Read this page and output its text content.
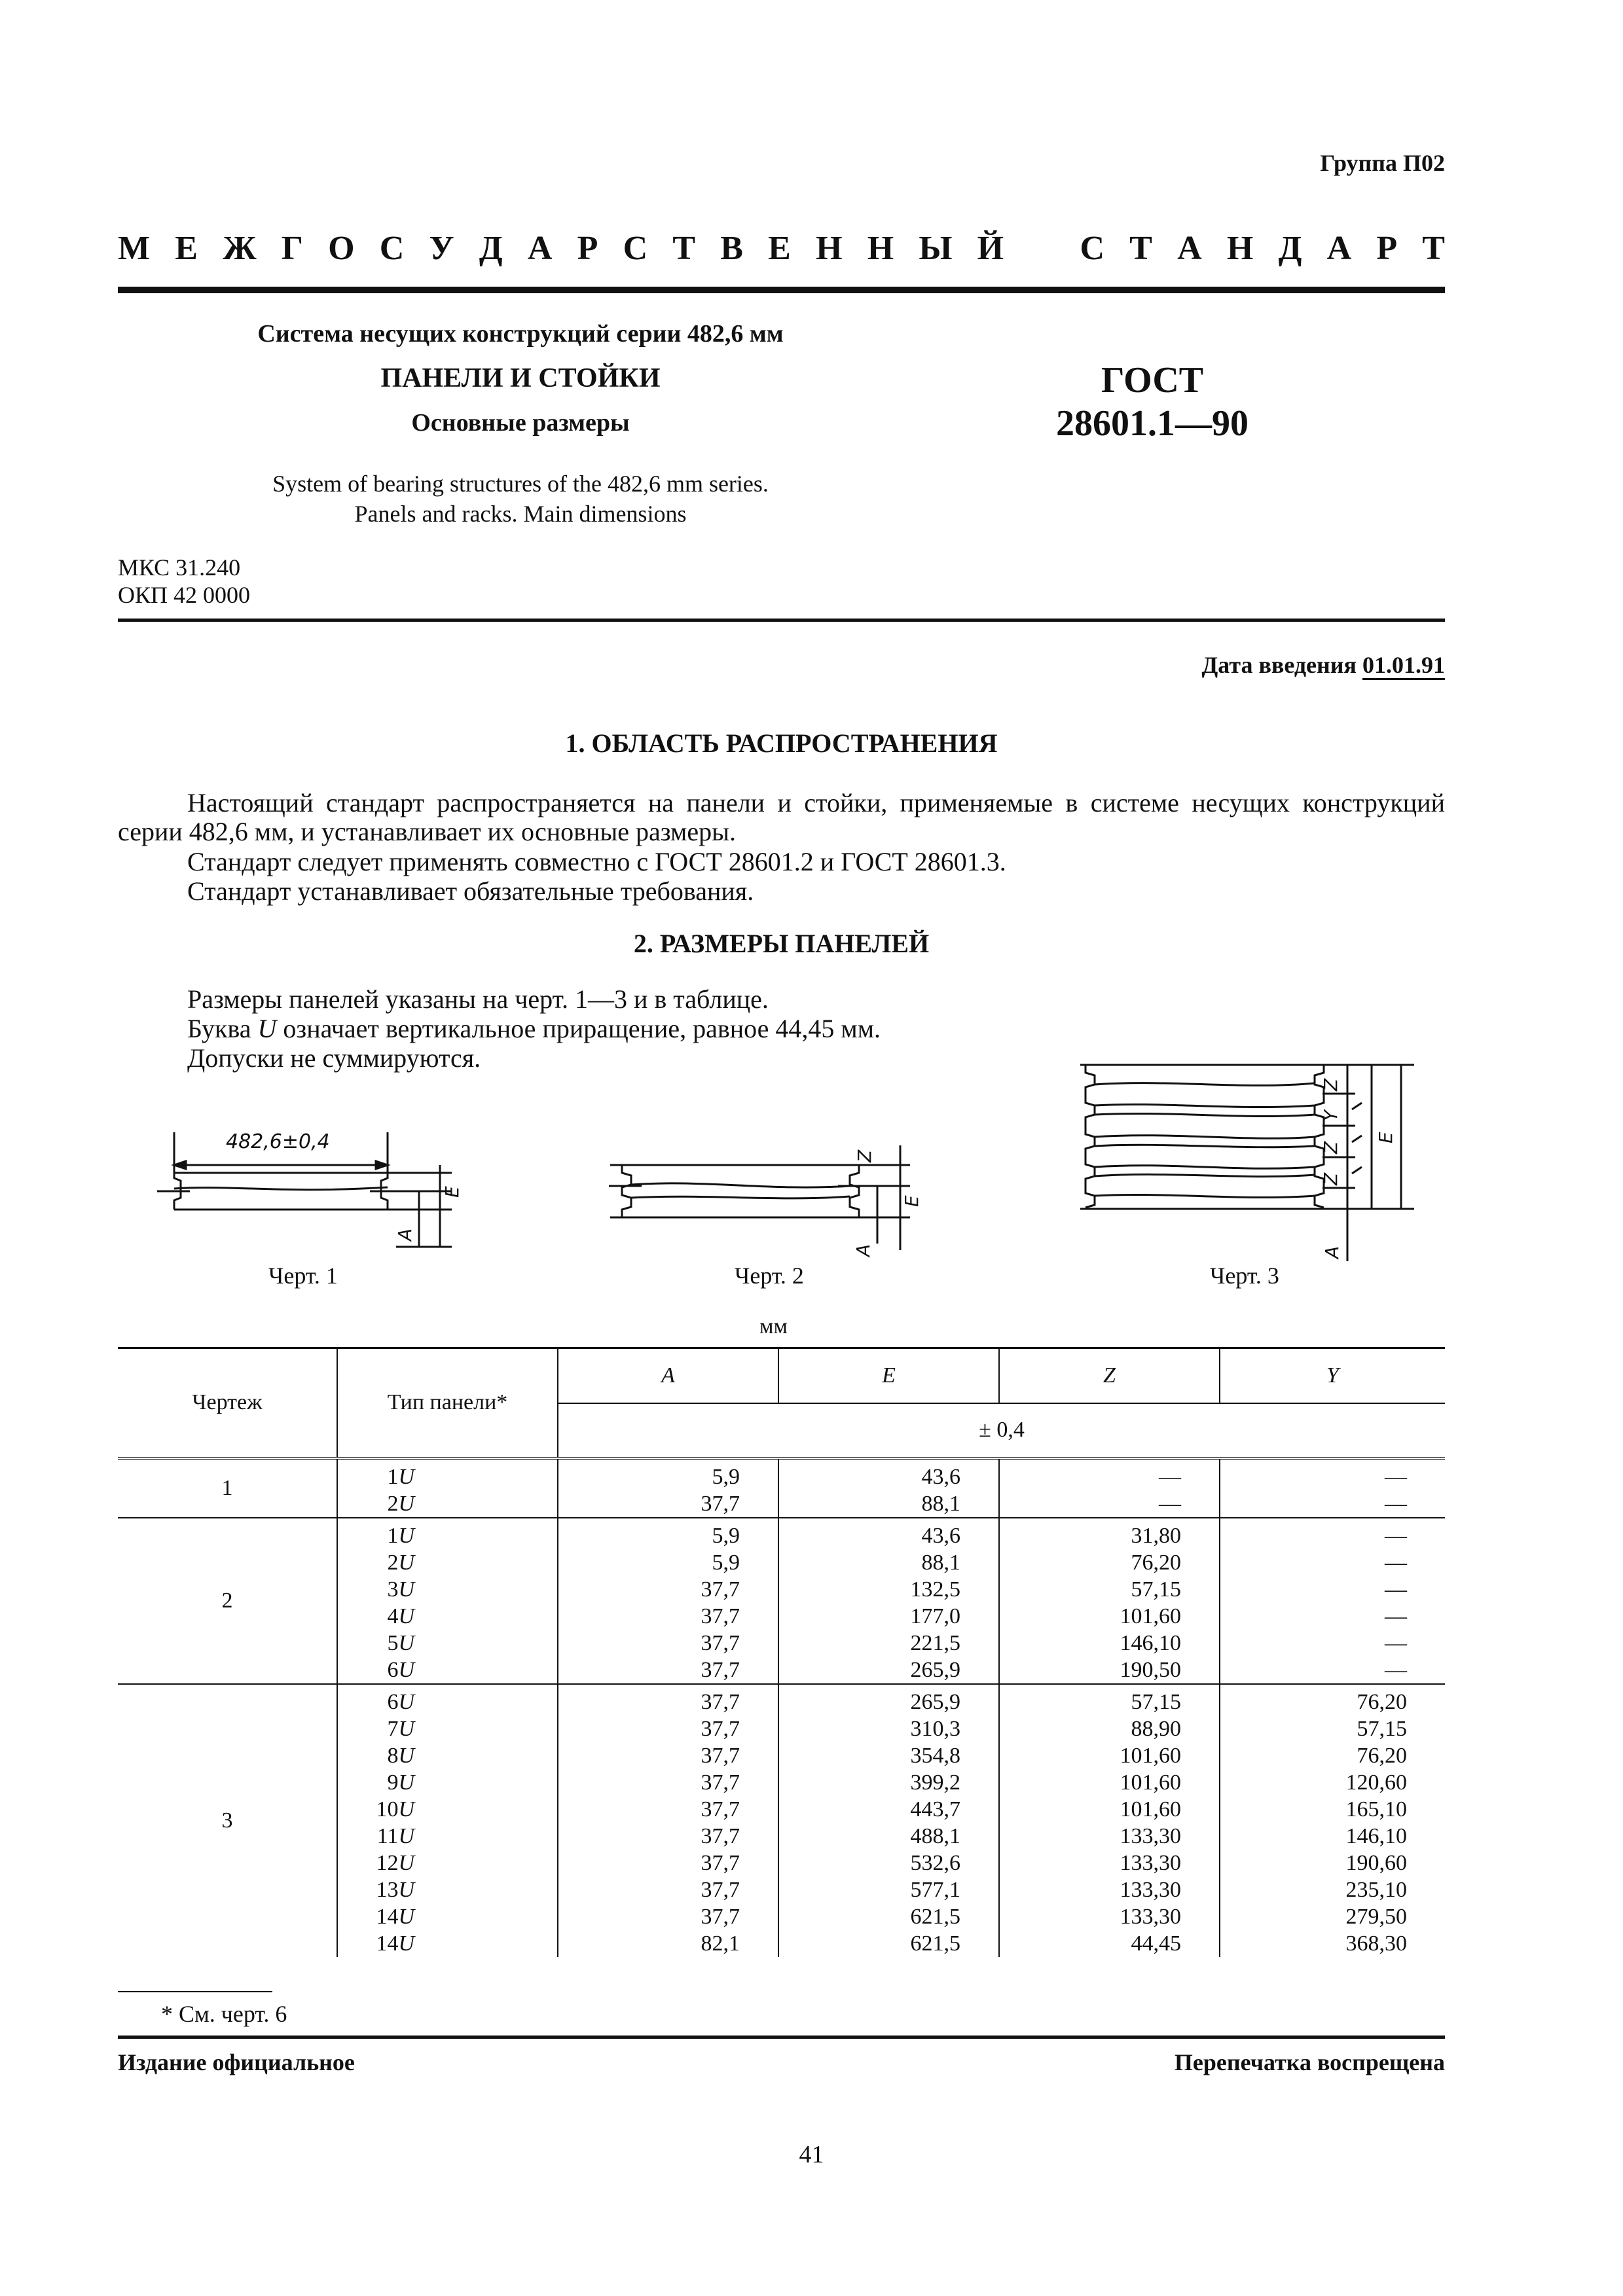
Группа П02
М Е Ж Г О С У Д А Р С Т В Е Н Н Ы Й С Т А Н Д А Р Т
Система несущих конструкций серии 482,6 мм
ПАНЕЛИ И СТОЙКИ
Основные размеры
System of bearing structures of the 482,6 mm series.
Panels and racks. Main dimensions
ГОСТ
28601.1—90
МКС 31.240
ОКП 42 0000
Дата введения 01.01.91
1. ОБЛАСТЬ РАСПРОСТРАНЕНИЯ
Настоящий стандарт распространяется на панели и стойки, применяемые в системе несущих конструкций серии 482,6 мм, и устанавливает их основные размеры.
Стандарт следует применять совместно с ГОСТ 28601.2 и ГОСТ 28601.3.
Стандарт устанавливает обязательные требования.
2. РАЗМЕРЫ ПАНЕЛЕЙ
Размеры панелей указаны на черт. 1—3 и в таблице.
Буква U означает вертикальное приращение, равное 44,45 мм.
Допуски не суммируются.
482,6±0,4
E
A
Черт. 1
Z
E
A
Черт. 2
Z
Y
Z
Z
E
A
Черт. 3
мм
Чертеж	Тип панели*	A	E	Z	Y
		± 0,4			
1	1U	5,9	43,6	—	—
	2U	37,7	88,1	—	—
2	1U	5,9	43,6	31,80	—
	2U	5,9	88,1	76,20	—
	3U	37,7	132,5	57,15	—
	4U	37,7	177,0	101,60	—
	5U	37,7	221,5	146,10	—
	6U	37,7	265,9	190,50	—
3	6U	37,7	265,9	57,15	76,20
	7U	37,7	310,3	88,90	57,15
	8U	37,7	354,8	101,60	76,20
	9U	37,7	399,2	101,60	120,60
	10U	37,7	443,7	101,60	165,10
	11U	37,7	488,1	133,30	146,10
	12U	37,7	532,6	133,30	190,60
	13U	37,7	577,1	133,30	235,10
	14U	37,7	621,5	133,30	279,50
	14U	82,1	621,5	44,45	368,30
* См. черт. 6
Издание официальное	Перепечатка воспрещена
41
